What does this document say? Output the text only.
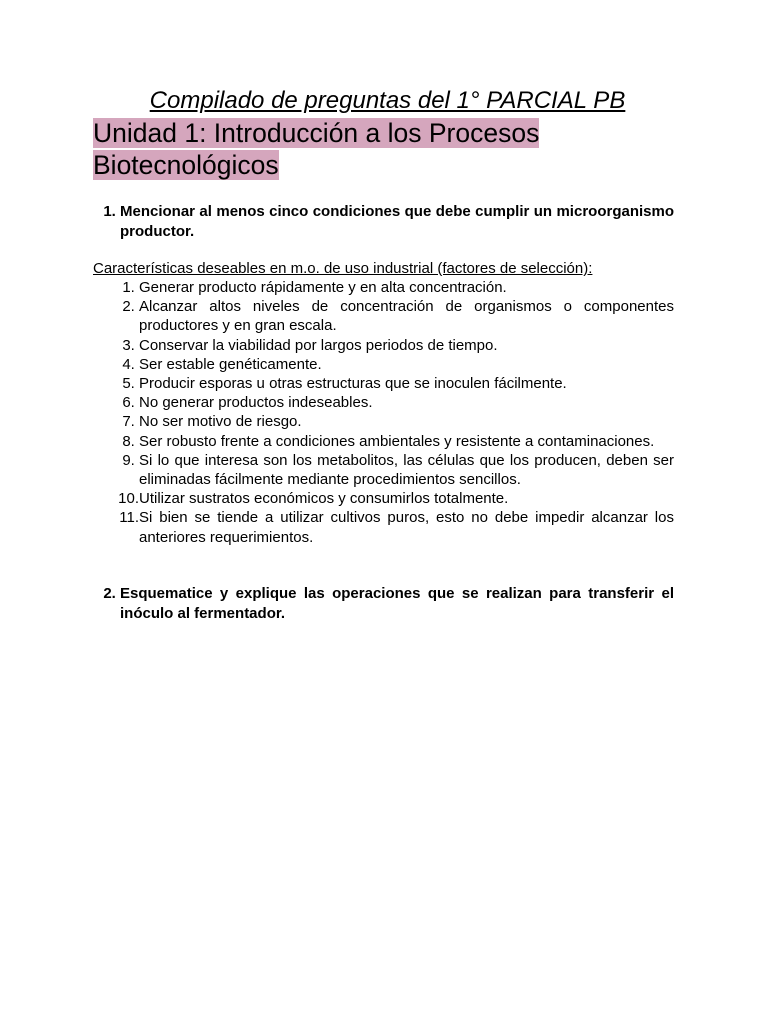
Compilado de preguntas del 1° PARCIAL PB
Unidad 1: Introducción a los Procesos
Biotecnológicos
1. Mencionar al menos cinco condiciones que debe cumplir un microorganismo productor.
Características deseables en m.o. de uso industrial (factores de selección):
1. Generar producto rápidamente y en alta concentración.
2. Alcanzar altos niveles de concentración de organismos o componentes productores y en gran escala.
3. Conservar la viabilidad por largos periodos de tiempo.
4. Ser estable genéticamente.
5. Producir esporas u otras estructuras que se inoculen fácilmente.
6. No generar productos indeseables.
7. No ser motivo de riesgo.
8. Ser robusto frente a condiciones ambientales y resistente a contaminaciones.
9. Si lo que interesa son los metabolitos, las células que los producen, deben ser eliminadas fácilmente mediante procedimientos sencillos.
10. Utilizar sustratos económicos y consumirlos totalmente.
11. Si bien se tiende a utilizar cultivos puros, esto no debe impedir alcanzar los anteriores requerimientos.
2. Esquematice y explique las operaciones que se realizan para transferir el inóculo al fermentador.
